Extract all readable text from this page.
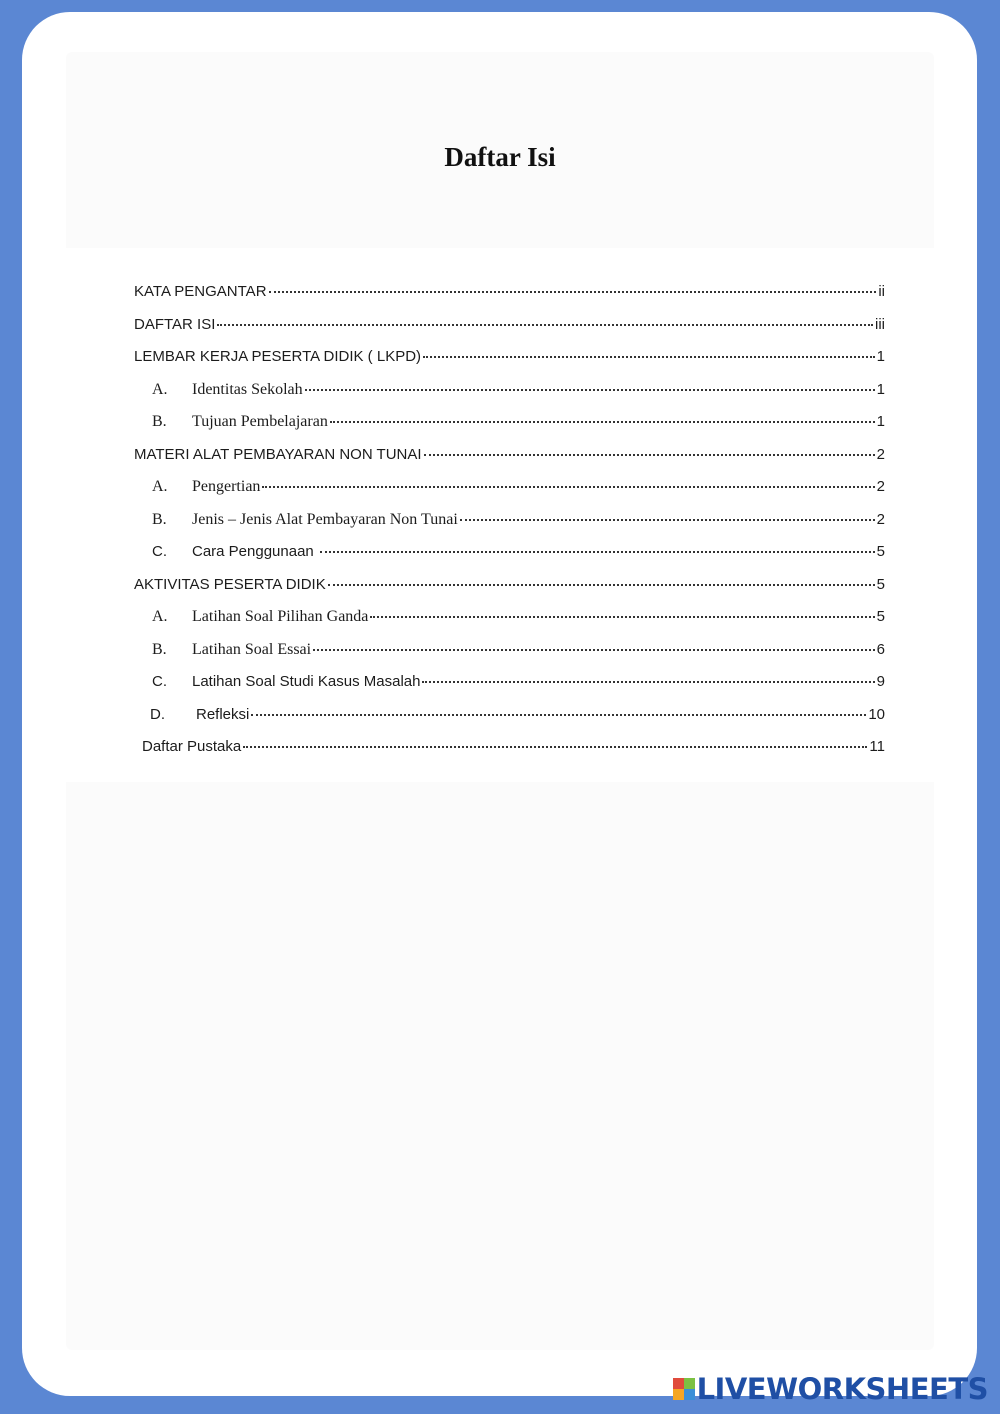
Daftar Isi
KATA PENGANTAR	ii
DAFTAR ISI	iii
LEMBAR KERJA PESERTA DIDIK ( LKPD)	1
A.	Identitas Sekolah	1
B.	Tujuan Pembelajaran	1
MATERI ALAT PEMBAYARAN NON TUNAI	2
A.	Pengertian	2
B.	Jenis – Jenis Alat Pembayaran Non Tunai	2
C.	Cara Penggunaan	5
AKTIVITAS PESERTA DIDIK	5
A.	Latihan Soal Pilihan Ganda	5
B.	Latihan Soal Essai	6
C.	Latihan Soal Studi Kasus Masalah	9
D.	Refleksi	10
Daftar Pustaka	11
LIVEWORKSHEETS
